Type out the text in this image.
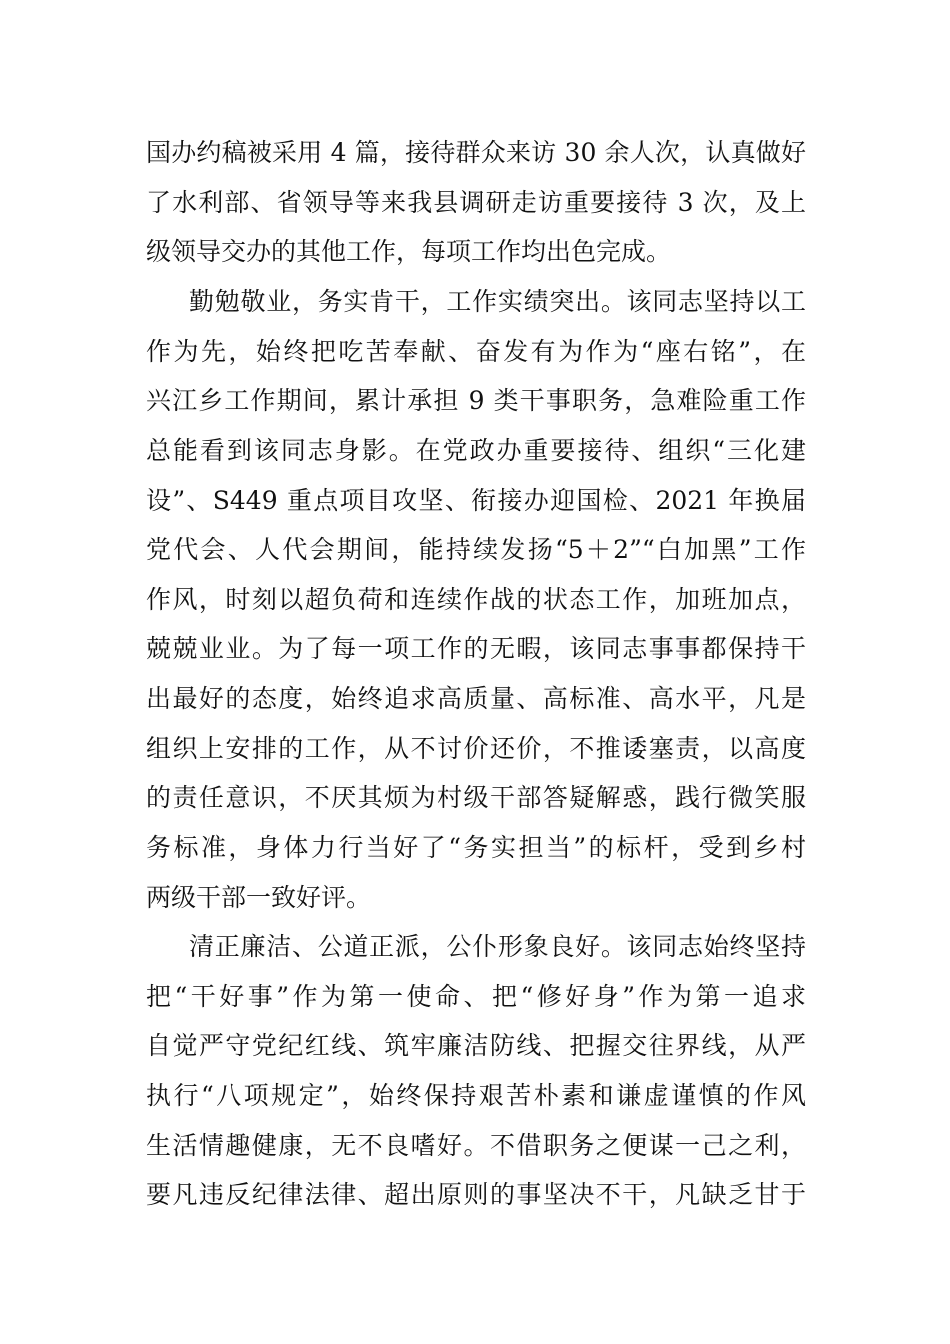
国办约稿被采用 4 篇，接待群众来访 30 余人次，认真做好
了水利部、省领导等来我县调研走访重要接待 3 次，及上
级领导交办的其他工作，每项工作均出色完成。
勤勉敬业，务实肯干，工作实绩突出。该同志坚持以工
作为先，始终把吃苦奉献、奋发有为作为“座右铭”，在
兴江乡工作期间，累计承担 9 类干事职务，急难险重工作
总能看到该同志身影。在党政办重要接待、组织“三化建
设”、S449 重点项目攻坚、衔接办迎国检、2021 年换届
党代会、人代会期间，能持续发扬“5＋2”“白加黑”工作
作风，时刻以超负荷和连续作战的状态工作，加班加点，
兢兢业业。为了每一项工作的无暇，该同志事事都保持干
出最好的态度，始终追求高质量、高标准、高水平，凡是
组织上安排的工作，从不讨价还价，不推诿塞责，以高度
的责任意识，不厌其烦为村级干部答疑解惑，践行微笑服
务标准，身体力行当好了“务实担当”的标杆，受到乡村
两级干部一致好评。
清正廉洁、公道正派，公仆形象良好。该同志始终坚持
把“干好事”作为第一使命、把“修好身”作为第一追求
自觉严守党纪红线、筑牢廉洁防线、把握交往界线，从严
执行“八项规定”，始终保持艰苦朴素和谦虚谨慎的作风
生活情趣健康，无不良嗜好。不借职务之便谋一己之利，
要凡违反纪律法律、超出原则的事坚决不干，凡缺乏甘于
